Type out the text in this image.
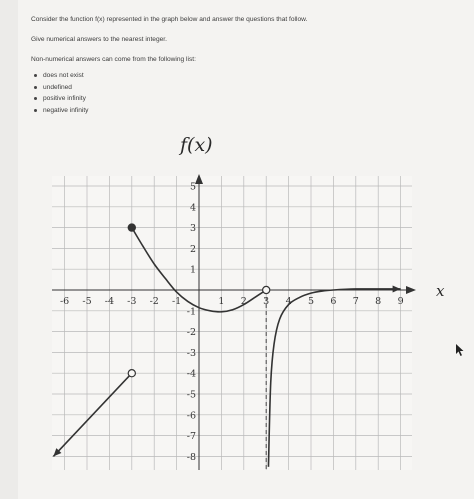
Consider the function f(x) represented in the graph below and answer the questions that follow.
Give numerical answers to the nearest integer.
Non-numerical answers can come from the following list:
does not exist
undefined
positive infinity
negative infinity
f(x)
-6 -5 -4 -3 -2 -1	1 2 3 4 5 6 7 8 9
5
4
3
2
1
-1
-2
-3
-4
-5
-6
-7
-8
x
